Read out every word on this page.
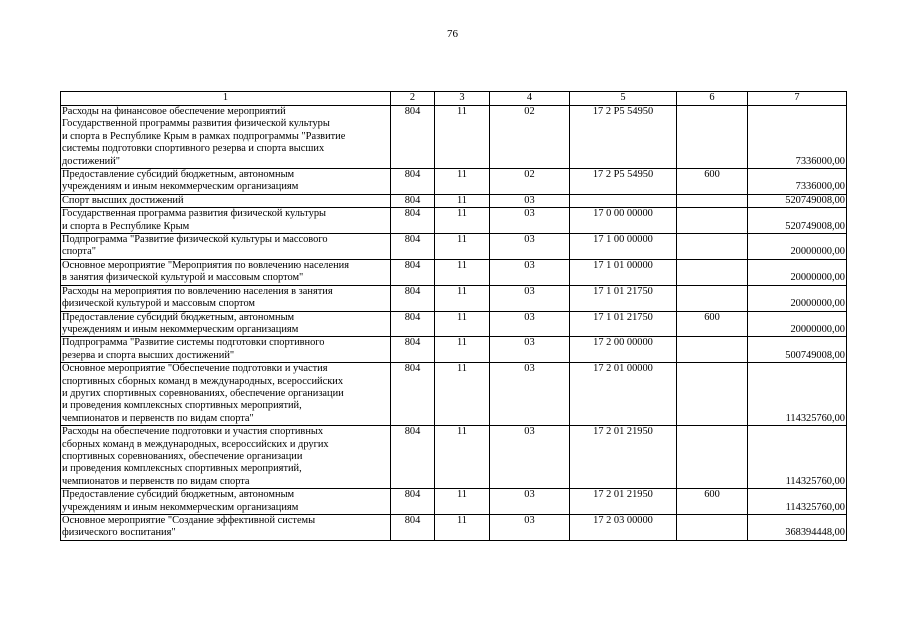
76
1	2	3	4	5	6	7
Расходы на финансовое обеспечение мероприятий
Государственной программы развития физической культуры
и спорта в Республике Крым в рамках подпрограммы "Развитие
системы подготовки спортивного резерва и спорта высших
достижений"	804	11	02	17 2 P5 54950		7336000,00
Предоставление субсидий бюджетным, автономным
учреждениям и иным некоммерческим организациям	804	11	02	17 2 P5 54950	600	7336000,00
Спорт высших достижений	804	11	03			520749008,00
Государственная программа развития физической культуры
и спорта в Республике Крым	804	11	03	17 0 00 00000		520749008,00
Подпрограмма "Развитие физической культуры и массового
спорта"	804	11	03	17 1 00 00000		20000000,00
Основное мероприятие "Мероприятия по вовлечению населения
в занятия физической культурой и массовым спортом"	804	11	03	17 1 01 00000		20000000,00
Расходы на мероприятия по вовлечению населения в занятия
физической культурой и массовым спортом	804	11	03	17 1 01 21750		20000000,00
Предоставление субсидий бюджетным, автономным
учреждениям и иным некоммерческим организациям	804	11	03	17 1 01 21750	600	20000000,00
Подпрограмма "Развитие системы подготовки спортивного
резерва и спорта высших достижений"	804	11	03	17 2 00 00000		500749008,00
Основное мероприятие "Обеспечение подготовки и участия
спортивных сборных команд в международных, всероссийских
и других спортивных соревнованиях, обеспечение организации
и проведения комплексных спортивных мероприятий,
чемпионатов и первенств по видам спорта"	804	11	03	17 2 01 00000		114325760,00
Расходы на обеспечение подготовки и участия спортивных
сборных команд в международных, всероссийских и других
спортивных соревнованиях, обеспечение организации
и проведения комплексных спортивных мероприятий,
чемпионатов и первенств по видам спорта	804	11	03	17 2 01 21950		114325760,00
Предоставление субсидий бюджетным, автономным
учреждениям и иным некоммерческим организациям	804	11	03	17 2 01 21950	600	114325760,00
Основное мероприятие "Создание эффективной системы
физического воспитания"	804	11	03	17 2 03 00000		368394448,00
